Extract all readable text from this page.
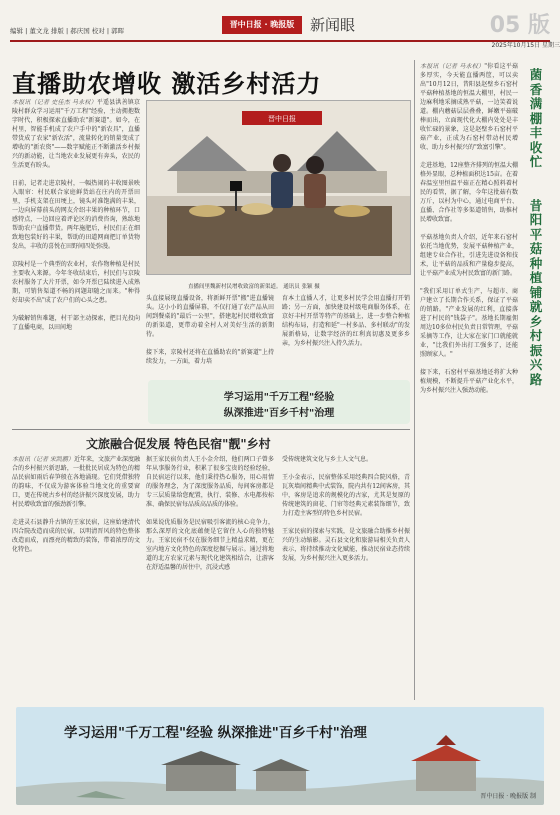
编辑 | 董文龙 排版 | 郝庆国 校对 | 郭晖
晋中日报 · 晚报版	新闻眼	05 版
2025年10月15日 星期三
直播助农增收 激活乡村活力
本报讯（记者 史佳杰 马永权）平遥县洪善镇京陵村群众学习运用"千万工程"经验，主动拥抱数字时代，积极探索直播助农"新赛道"。如今，在村里，智能手机成了农户手中的"新农具"，直播带货成了农家"新农活"，流量转化的销量变成了增收的"新农资"——数字赋能正不断激活乡村振兴的新动能，让当地农业发展更有奔头，农民的生活更有盼头。

日前，记者走进京陵村，一幅热闹的丰收图景映入眼帘：村民联合家庭鲜货站在庄内的开票田里，手机支架在田埂上，镜头对准饱满的丰果，一边向屏幕前头的网友介绍丰果的种植环节，口感特点，一边回应着评论区的消费咨询，熟练地帮助农户直播带货。两年施肥后，村民们正在细致地包装好的丰果，帮助的田道网商把订单货物发出，丰收的喜悦在田野间四处弥漫。

京陵村是一个典型的农业村，农作物种植是村民主要收入来源。今年冬收结束后，村民们与京陵农村服务了大片开票，如今开票已陆续进入成熟期，可销售渠道不畅的问题却随之而来。"种得好却卖不出"成了农户们的心头之患。

为破解销售难题，村干部主动探索，把目光投向了直播电商，以田间地
晋中日报
直播间里魏新村民增收致富的新渠道。 通讯员 张颖 摄
头直接展现直播设备，将新鲜开票"搬"进直播镜头。这小小的直播屏幕，不仅打通了农产品从田间到餐桌的"最后一公里"，搭建起村民增收致富的新渠道，更带动着全村人对美好生活的新期待。

接下来，京陵村还将在直播助农的"新赛道"上持续发力，一方面，着力培
育本土直播人才，让更多村民学会用直播打开销路；另一方面，加快建设村级电商服务体系，在京好丰村开票等特产的基础上，进一步整合种植结构布局，打造和延"一村多品、多村联动"的发展新格局，让数字经济的红利真切惠及更多乡亲，为乡村振兴注入持久活力。
学习运用"千万工程"经验
纵深推进"百乡千村"治理
文旅融合促发展 特色民宿"靓"乡村
本报讯（记者 宋凯鹏）近年来，文旅产业深度融合的乡村振兴新思路，一批批民居成为特色的精品民宿如雨后春笋般在各地涌现。它们凭借独特的韵味，不仅成为游客体验当地文化的重要窗口，更在传统古乡村的经济振兴深度发展，助力村民增收致富的强劲新引擎。

走进灵石县静升古镇的王家民宿，这座始建清代四合院改造而成的民宿，以明清晋风的特色整体改造而成，而漂亮的精致的装饰，带着浓厚的文化特色。
据王家民宿负责人王小金介绍，他们两口子曾多年从事服务行业，积累了很多宝贵的经验经验，自民宿运行以来，他们秉持热心服务，用心用情的服务理念，为了深度服务品质，每间客房都是专三层质量给您配置，执行、装修、水电都按标准、确保民宿每品质高品质的体验。

如果说优质服务是民宿吸引客流的核心竞争力，那么深厚的文化底蕴便是它留住人心的独特魅力。王家民宿不仅在服务细节上精益求精，更在室内地方文化特色的深度挖掘与展示。通过将地道的北方农家元素与现代化建筑相结合，让游客在舒适温馨的居住中，沉浸式感
受传统建筑文化与乡土人文气息。

王小金表示，民宿整体采用经典四合院风格，青瓦灰墙间精典中式装饰，院内共有12间客房，其中，客房是追求的规模化的古家，尤其是复原的传统建筑的窗花、门帘等经典元素装饰细节，致力打造主客型的特色乡村民宿。

王家民宿的探索与实践，是文旅融合助推乡村振兴的生动缩影。灵石县文化和旅游局相关负责人表示，将持续推动文化赋能，推动民宿业态持续发展，为乡村振兴注入更多活力。
本报讯（记者 马永权）"你看这平菇多厚实，今天能直播两筐，可以卖出"10月12日，昔阳县赵壁乡石窑村平菇种植基地的恒温大棚里，村民一边麻利地采摘成熟平菇，一边笑着说道。棚内蘑菇层层叠叠，鲜嫩平菇破棒而出，立面现代化大棚内处处是丰收忙碌的景象，这是赵壁乡石窑村平菇产业，正成为石窑村带动村民增收、助力乡村振兴的"致富引擎"。

走进基地，12座整齐排列的恒温大棚格外显眼，总种植面积达15亩。在着春温室里恒温平菇正在精心照料着村民的看管，据了解，今年这批菇有数万斤，以村为中心，通过电商平台、直播、合作社等多渠道销售，助推村民增收致富。

平菇基地负责人介绍，近年来石窑村依托当地优势，发展平菇种植产业，组建专业合作社，引进先进设备和技术，让平菇的品质和产量稳步提高，让平菇产业成为村民致富的新门路。

"我们采用订单式生产，与超市、商户建立了长期合作关系，保证了平菇的销路。"产业发展的红利，直接落进了村民的"钱袋子"。基地长期雇佣周边10多位村民负责日常管理，平菇采摘等工作，让大家在家门口就能就业，"比我们外出打工强多了，还能照顾家人。"

接下来，石窑村平菇基地还将扩大种植规模，不断提升平菇产业化水平，为乡村振兴注入强劲动能。
菌
香
满
棚
丰
收
忙

昔
阳
平
菇
种
植
铺
就
乡
村
振
兴
路
学习运用"千万工程"经验 纵深推进"百乡千村"治理
晋中日报 · 晚报版 制
